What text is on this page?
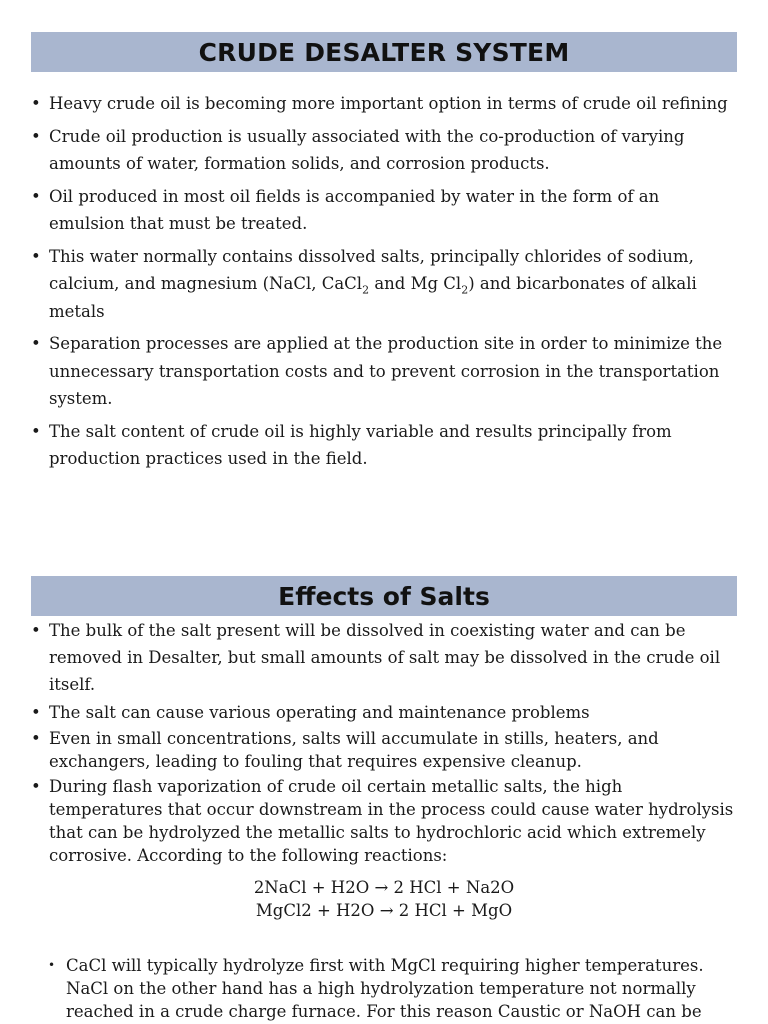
CRUDE DESALTER SYSTEM
• Heavy crude oil is becoming more important option in terms of crude oil refining
• Crude oil production is usually associated with the co-production of varying amounts of water, formation solids, and corrosion products.
• Oil produced in most oil fields is accompanied by water in the form of an emulsion that must be treated.
• This water normally contains dissolved salts, principally chlorides of sodium, calcium, and magnesium (NaCl, CaCl$_2$ and Mg $Cl_2$) and bicarbonates of alkali metals
• Separation processes are applied at the production site in order to minimize the unnecessary transportation costs and to prevent corrosion in the transportation system.
• The salt content of crude oil is highly variable and results principally from production practices used in the field.
Effects of Salts
• The bulk of the salt present will be dissolved in coexisting water and can be removed in Desalter, but small amounts of salt may be dissolved in the crude oil itself.
• The salt can cause various operating and maintenance problems
• Even in small concentrations, salts will accumulate in stills, heaters, and exchangers, leading to fouling that requires expensive cleanup.
• During flash vaporization of crude oil certain metallic salts, the high temperatures that occur downstream in the process could cause water hydrolysis that can be hydrolyzed the metallic salts to hydrochloric acid which extremely corrosive. According to the following reactions:
2NaCl + H2O → 2 HCl + Na2O
MgCl2 + H2O → 2 HCl + MgO
• CaCl will typically hydrolyze first with MgCl requiring higher temperatures. NaCl on the other hand has a high hydrolyzation temperature not normally reached in a crude charge furnace. For this reason Caustic or NaOH can be
